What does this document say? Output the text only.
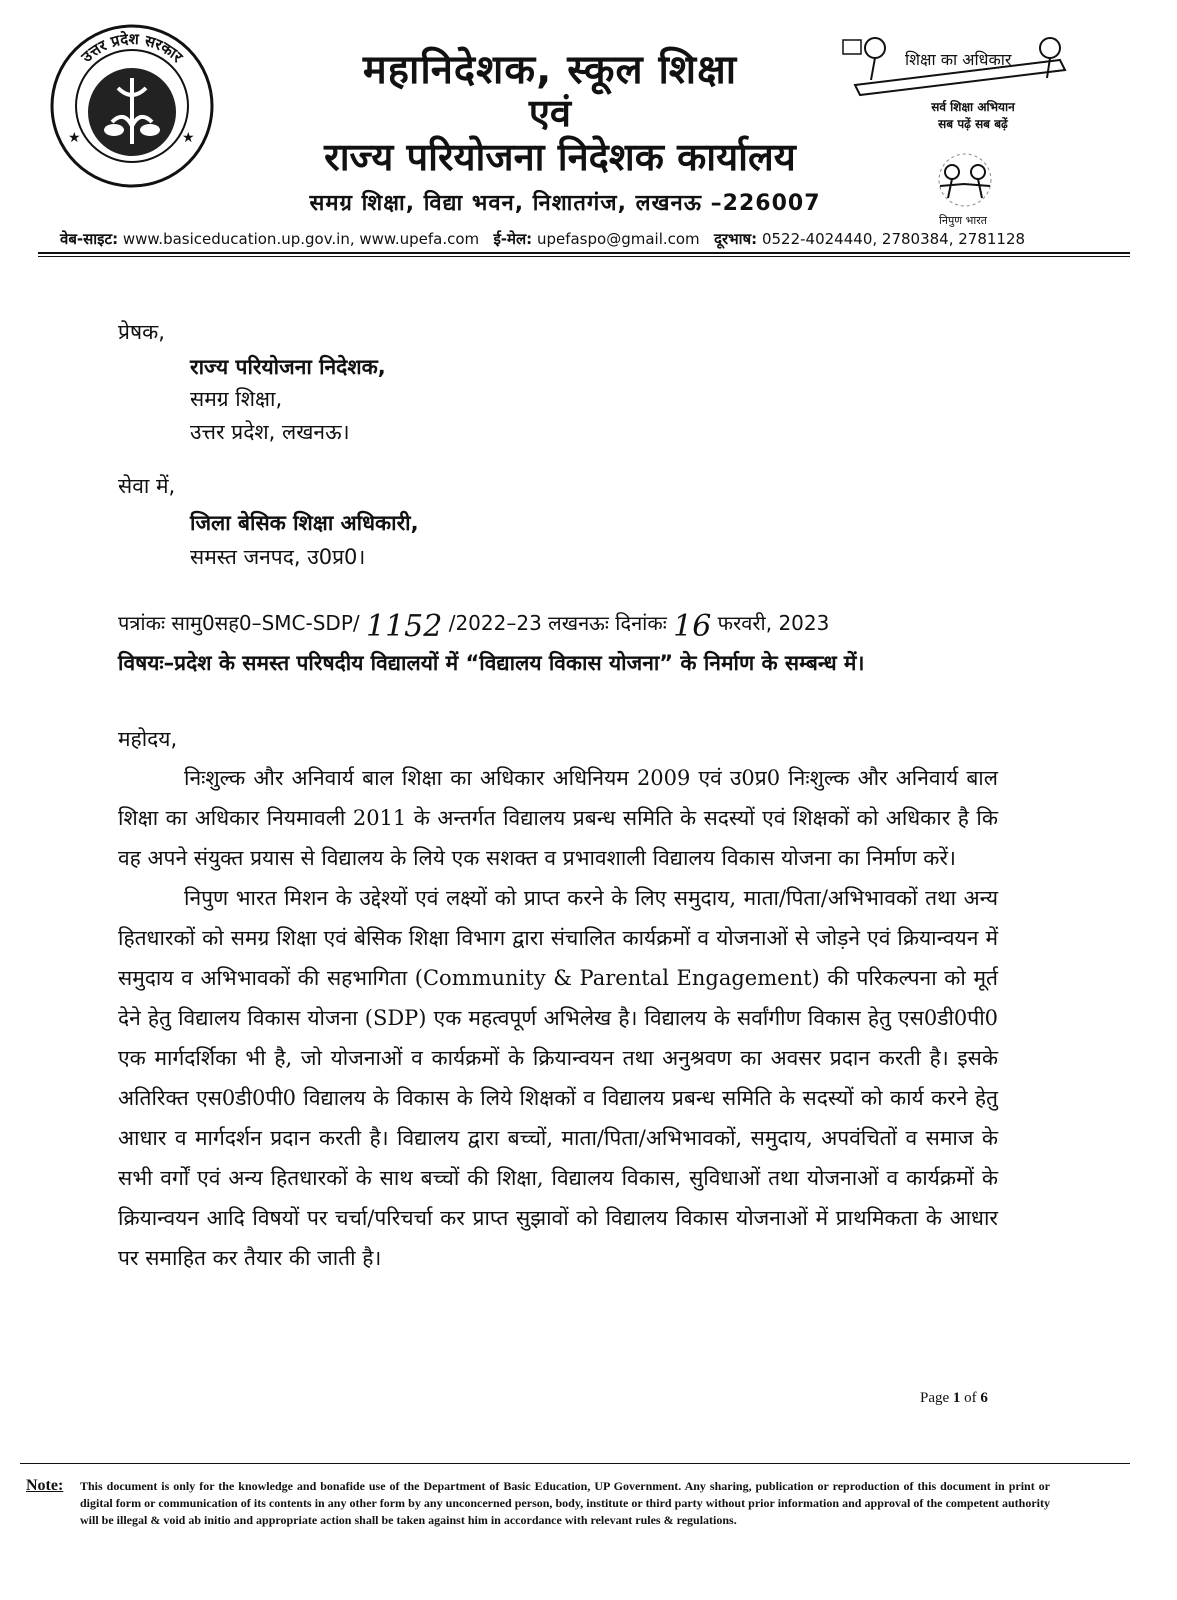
उत्तर प्रदेश सरकार
★	★
महानिदेशक, स्कूल शिक्षा
एवं
राज्य परियोजना निदेशक कार्यालय
समग्र शिक्षा, विद्या भवन, निशातगंज, लखनऊ –226007
शिक्षा का अधिकार
सर्व शिक्षा अभियान
सब पढ़ें सब बढ़ें
निपुण भारत
वेब-साइट: www.basiceducation.up.gov.in, www.upefa.com ई-मेल: upefaspo@gmail.com दूरभाष: 0522-4024440, 2780384, 2781128
प्रेषक,
राज्य परियोजना निदेशक,
समग्र शिक्षा,
उत्तर प्रदेश, लखनऊ।
सेवा में,
जिला बेसिक शिक्षा अधिकारी,
समस्त जनपद, उ0प्र0।
पत्रांकः सामु0सह0–SMC-SDP/ 1152 /2022–23 लखनऊः दिनांकः 16 फरवरी, 2023
विषयः–प्रदेश के समस्त परिषदीय विद्यालयों में “विद्यालय विकास योजना” के निर्माण के सम्बन्ध में।
महोदय,
निःशुल्क और अनिवार्य बाल शिक्षा का अधिकार अधिनियम 2009 एवं उ0प्र0 निःशुल्क और अनिवार्य बाल शिक्षा का अधिकार नियमावली 2011 के अन्तर्गत विद्यालय प्रबन्ध समिति के सदस्यों एवं शिक्षकों को अधिकार है कि वह अपने संयुक्त प्रयास से विद्यालय के लिये एक सशक्त व प्रभावशाली विद्यालय विकास योजना का निर्माण करें।
निपुण भारत मिशन के उद्देश्यों एवं लक्ष्यों को प्राप्त करने के लिए समुदाय, माता/पिता/अभिभावकों तथा अन्य हितधारकों को समग्र शिक्षा एवं बेसिक शिक्षा विभाग द्वारा संचालित कार्यक्रमों व योजनाओं से जोड़ने एवं क्रियान्वयन में समुदाय व अभिभावकों की सहभागिता (Community & Parental Engagement) की परिकल्पना को मूर्त देने हेतु विद्यालय विकास योजना (SDP) एक महत्वपूर्ण अभिलेख है। विद्यालय के सर्वांगीण विकास हेतु एस0डी0पी0 एक मार्गदर्शिका भी है, जो योजनाओं व कार्यक्रमों के क्रियान्वयन तथा अनुश्रवण का अवसर प्रदान करती है। इसके अतिरिक्त एस0डी0पी0 विद्यालय के विकास के लिये शिक्षकों व विद्यालय प्रबन्ध समिति के सदस्यों को कार्य करने हेतु आधार व मार्गदर्शन प्रदान करती है। विद्यालय द्वारा बच्चों, माता/पिता/अभिभावकों, समुदाय, अपवंचितों व समाज के सभी वर्गों एवं अन्य हितधारकों के साथ बच्चों की शिक्षा, विद्यालय विकास, सुविधाओं तथा योजनाओं व कार्यक्रमों के क्रियान्वयन आदि विषयों पर चर्चा/परिचर्चा कर प्राप्त सुझावों को विद्यालय विकास योजनाओं में प्राथमिकता के आधार पर समाहित कर तैयार की जाती है।
Page 1 of 6
Note: This document is only for the knowledge and bonafide use of the Department of Basic Education, UP Government. Any sharing, publication or reproduction of this document in print or digital form or communication of its contents in any other form by any unconcerned person, body, institute or third party without prior information and approval of the competent authority will be illegal & void ab initio and appropriate action shall be taken against him in accordance with relevant rules & regulations.
